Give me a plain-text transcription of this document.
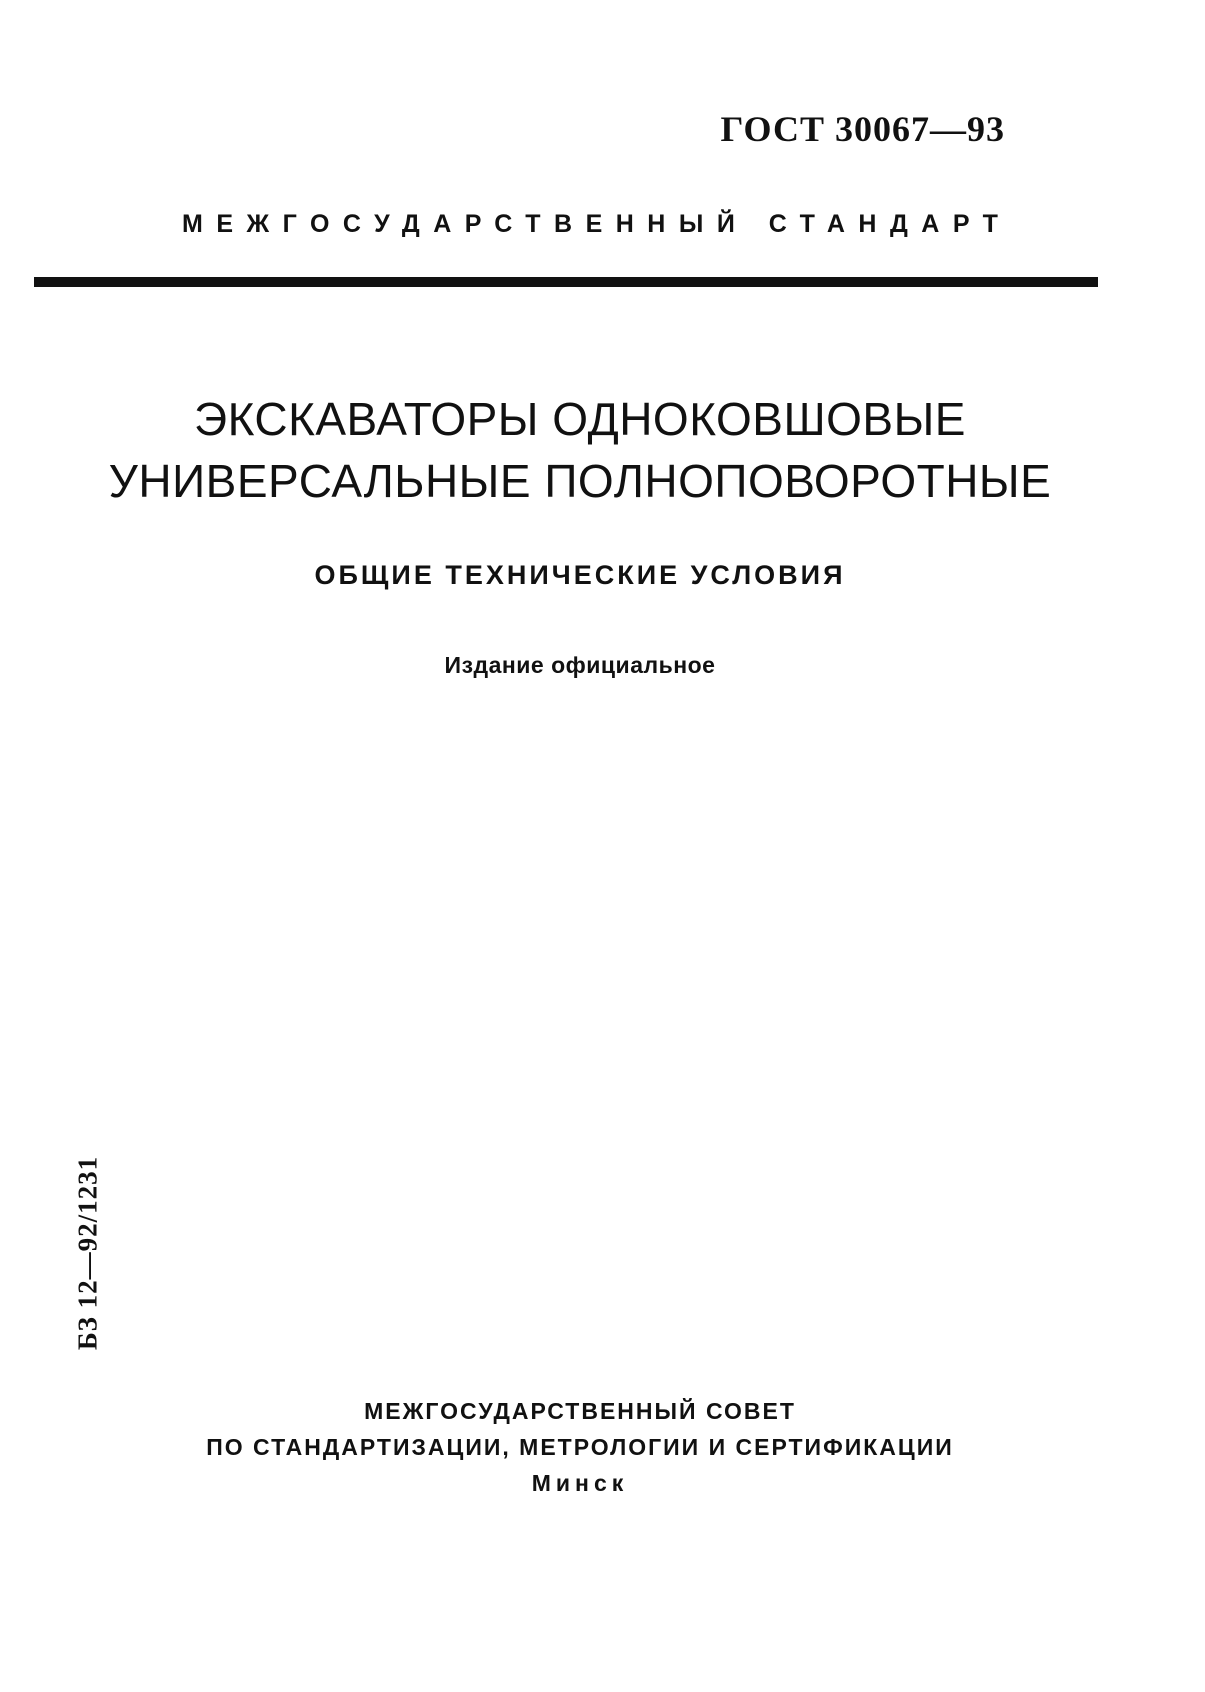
ГОСТ 30067—93
МЕЖГОСУДАРСТВЕННЫЙ СТАНДАРТ
ЭКСКАВАТОРЫ ОДНОКОВШОВЫЕ
УНИВЕРСАЛЬНЫЕ ПОЛНОПОВОРОТНЫЕ
ОБЩИЕ ТЕХНИЧЕСКИЕ УСЛОВИЯ
Издание официальное
БЗ 12—92/1231
МЕЖГОСУДАРСТВЕННЫЙ СОВЕТ
ПО СТАНДАРТИЗАЦИИ, МЕТРОЛОГИИ И СЕРТИФИКАЦИИ
Минск
